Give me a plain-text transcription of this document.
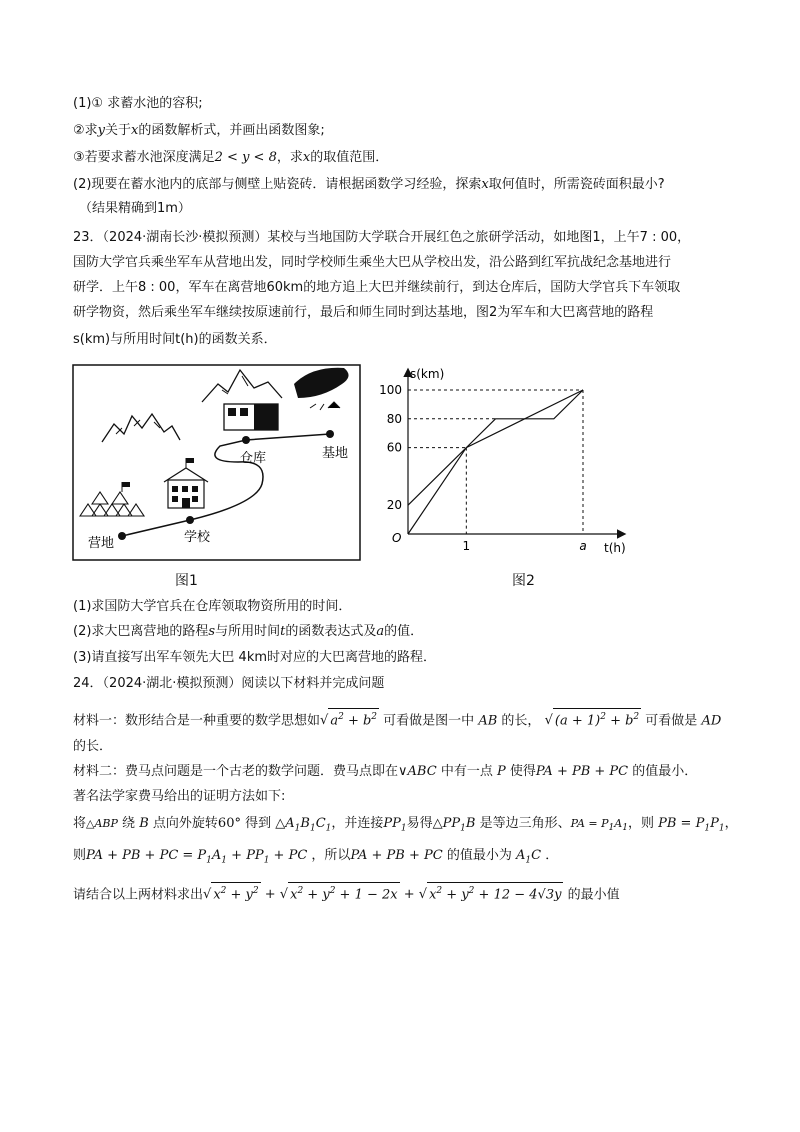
(1)① 求蓄水池的容积;
②求y关于x的函数解析式，并画出函数图象;
③若要求蓄水池深度满足2 < y < 8，求x的取值范围．
(2)现要在蓄水池内的底部与侧壁上贴瓷砖．请根据函数学习经验，探索x取何值时，所需瓷砖面积最小?
（结果精确到1m）
23．（2024·湖南长沙·模拟预测）某校与当地国防大学联合开展红色之旅研学活动，如地图1，上午7 : 00，
国防大学官兵乘坐军车从营地出发，同时学校师生乘坐大巴从学校出发，沿公路到红军抗战纪念基地进行
研学．上午8 : 00，军车在离营地60km的地方追上大巴并继续前行，到达仓库后，国防大学官兵下车领取
研学物资，然后乘坐军车继续按原速前行，最后和师生同时到达基地，图2为军车和大巴离营地的路程
s(km)与所用时间t(h)的函数关系．
营地	学校
仓库	基地
图1
s(km)
t(h)
O
20
60
80
100
1	a
图2
(1)求国防大学官兵在仓库领取物资所用的时间．
(2)求大巴离营地的路程s与所用时间t的函数表达式及a的值．
(3)请直接写出军车领先大巴 4km时对应的大巴离营地的路程．
24．（2024·湖北·模拟预测）阅读以下材料并完成问题
材料一：数形结合是一种重要的数学思想如√ $a^2 + b^2$ 可看做是图一中 AB 的长， √ $(a + 1)^2 + b^2$ 可看做是 AD
的长．
材料二：费马点问题是一个古老的数学问题．费马点即在∨ABC 中有一点 P 使得PA + PB + PC 的值最小．
著名法学家费马给出的证明方法如下:
将△ABP 绕 B 点向外旋转60° 得到 $\triangle A_1B_1C_1$，并连接$PP_1$易得$\triangle PP_1B$ 是等边三角形、PA = $P_1A_1$，则 PB = $P_1P_1$，
则PA + PB + PC = $P_1A_1 + PP_1$ + PC ，所以PA + PB + PC 的值最小为 $A_1C$ ．
请结合以上两材料求出√ $x^2 + y^2$ + √ $x^2 + y^2 + 1 - 2x$ + √ $x^2 + y^2 + 12 - 4√3y$ 的最小值
